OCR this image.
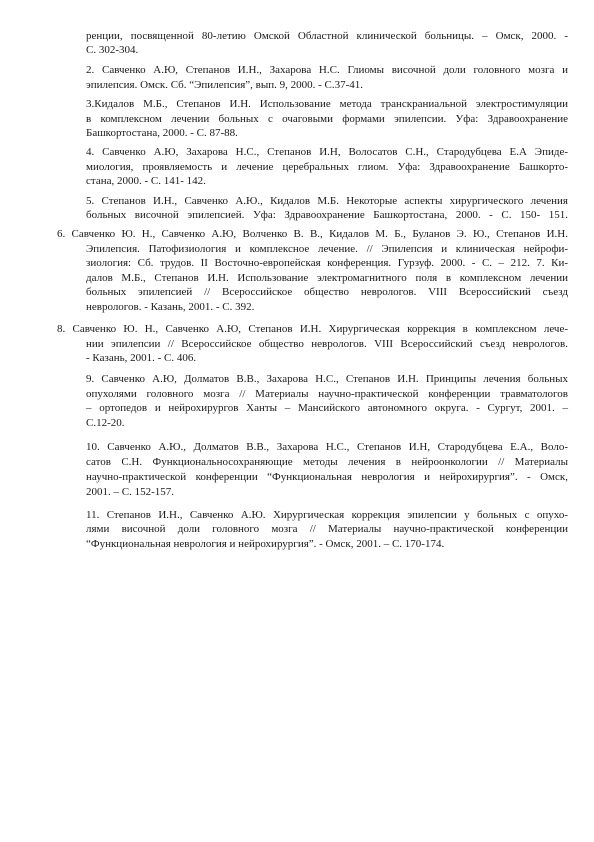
ренции, посвященной 80-летию Омской Областной клинической больницы. – Омск, 2000. -
С. 302-304.
2. Савченко А.Ю, Степанов И.Н., Захарова Н.С. Глиомы височной доли головного мозга и
эпилепсия. Омск. Сб. “Эпилепсия”, вып. 9, 2000. - С.37-41.
3.Кидалов М.Б., Степанов И.Н. Использование метода транскраниальной электростимуляции
в комплексном лечении больных с очаговыми формами эпилепсии. Уфа: Здравоохранение
Башкортостана, 2000. - С. 87-88.
4. Савченко А.Ю, Захарова Н.С., Степанов И.Н, Волосатов С.Н., Стародубцева Е.А Эпиде-
миология, проявляемость и лечение церебральных глиом. Уфа: Здравоохранение Башкорто-
стана, 2000. - С. 141- 142.
5. Степанов И.Н., Савченко А.Ю., Кидалов М.Б. Некоторые аспекты хирургического лечения
больных височной эпилепсией. Уфа: Здравоохранение Башкортостана, 2000. - С. 150- 151.
6. Савченко Ю. Н., Савченко А.Ю, Волченко В. В., Кидалов М. Б., Буланов Э. Ю., Степанов И.Н.
Эпилепсия. Патофизиология и комплексное лечение. // Эпилепсия и клиническая нейрофи-
зиология: Сб. трудов. II Восточно-европейская конференция. Гурзуф. 2000. - С. – 212. 7. Ки-
далов М.Б., Степанов И.Н. Использование электромагнитного поля в комплексном лечении
больных эпилепсией // Всероссийское общество неврологов. VIII Всероссийский съезд
неврологов. - Казань, 2001. - С. 392.
8. Савченко Ю. Н., Савченко А.Ю, Степанов И.Н. Хирургическая коррекция в комплексном лече-
нии эпилепсии // Всероссийское общество неврологов. VIII Всероссийский съезд неврологов.
- Казань, 2001. - С. 406.
9. Савченко А.Ю, Долматов В.В., Захарова Н.С., Степанов И.Н. Принципы лечения больных
опухолями головного мозга // Материалы научно-практической конференции травматологов
– ортопедов и нейрохирургов Ханты – Мансийского автономного округа. - Сургут, 2001. –
С.12-20.
10. Савченко А.Ю., Долматов В.В., Захарова Н.С., Степанов И.Н, Стародубцева Е.А., Воло-
сатов С.Н. Функциональносохраняющие методы лечения в нейроонкологии // Материалы
научно-практической конференции “Функциональная неврология и нейрохирургия”. - Омск,
2001. – С. 152-157.
11. Степанов И.Н., Савченко А.Ю. Хирургическая коррекция эпилепсии у больных с опухо-
лями височной доли головного мозга // Материалы научно-практической конференции
“Функциональная неврология и нейрохирургия”. - Омск, 2001. – С. 170-174.
